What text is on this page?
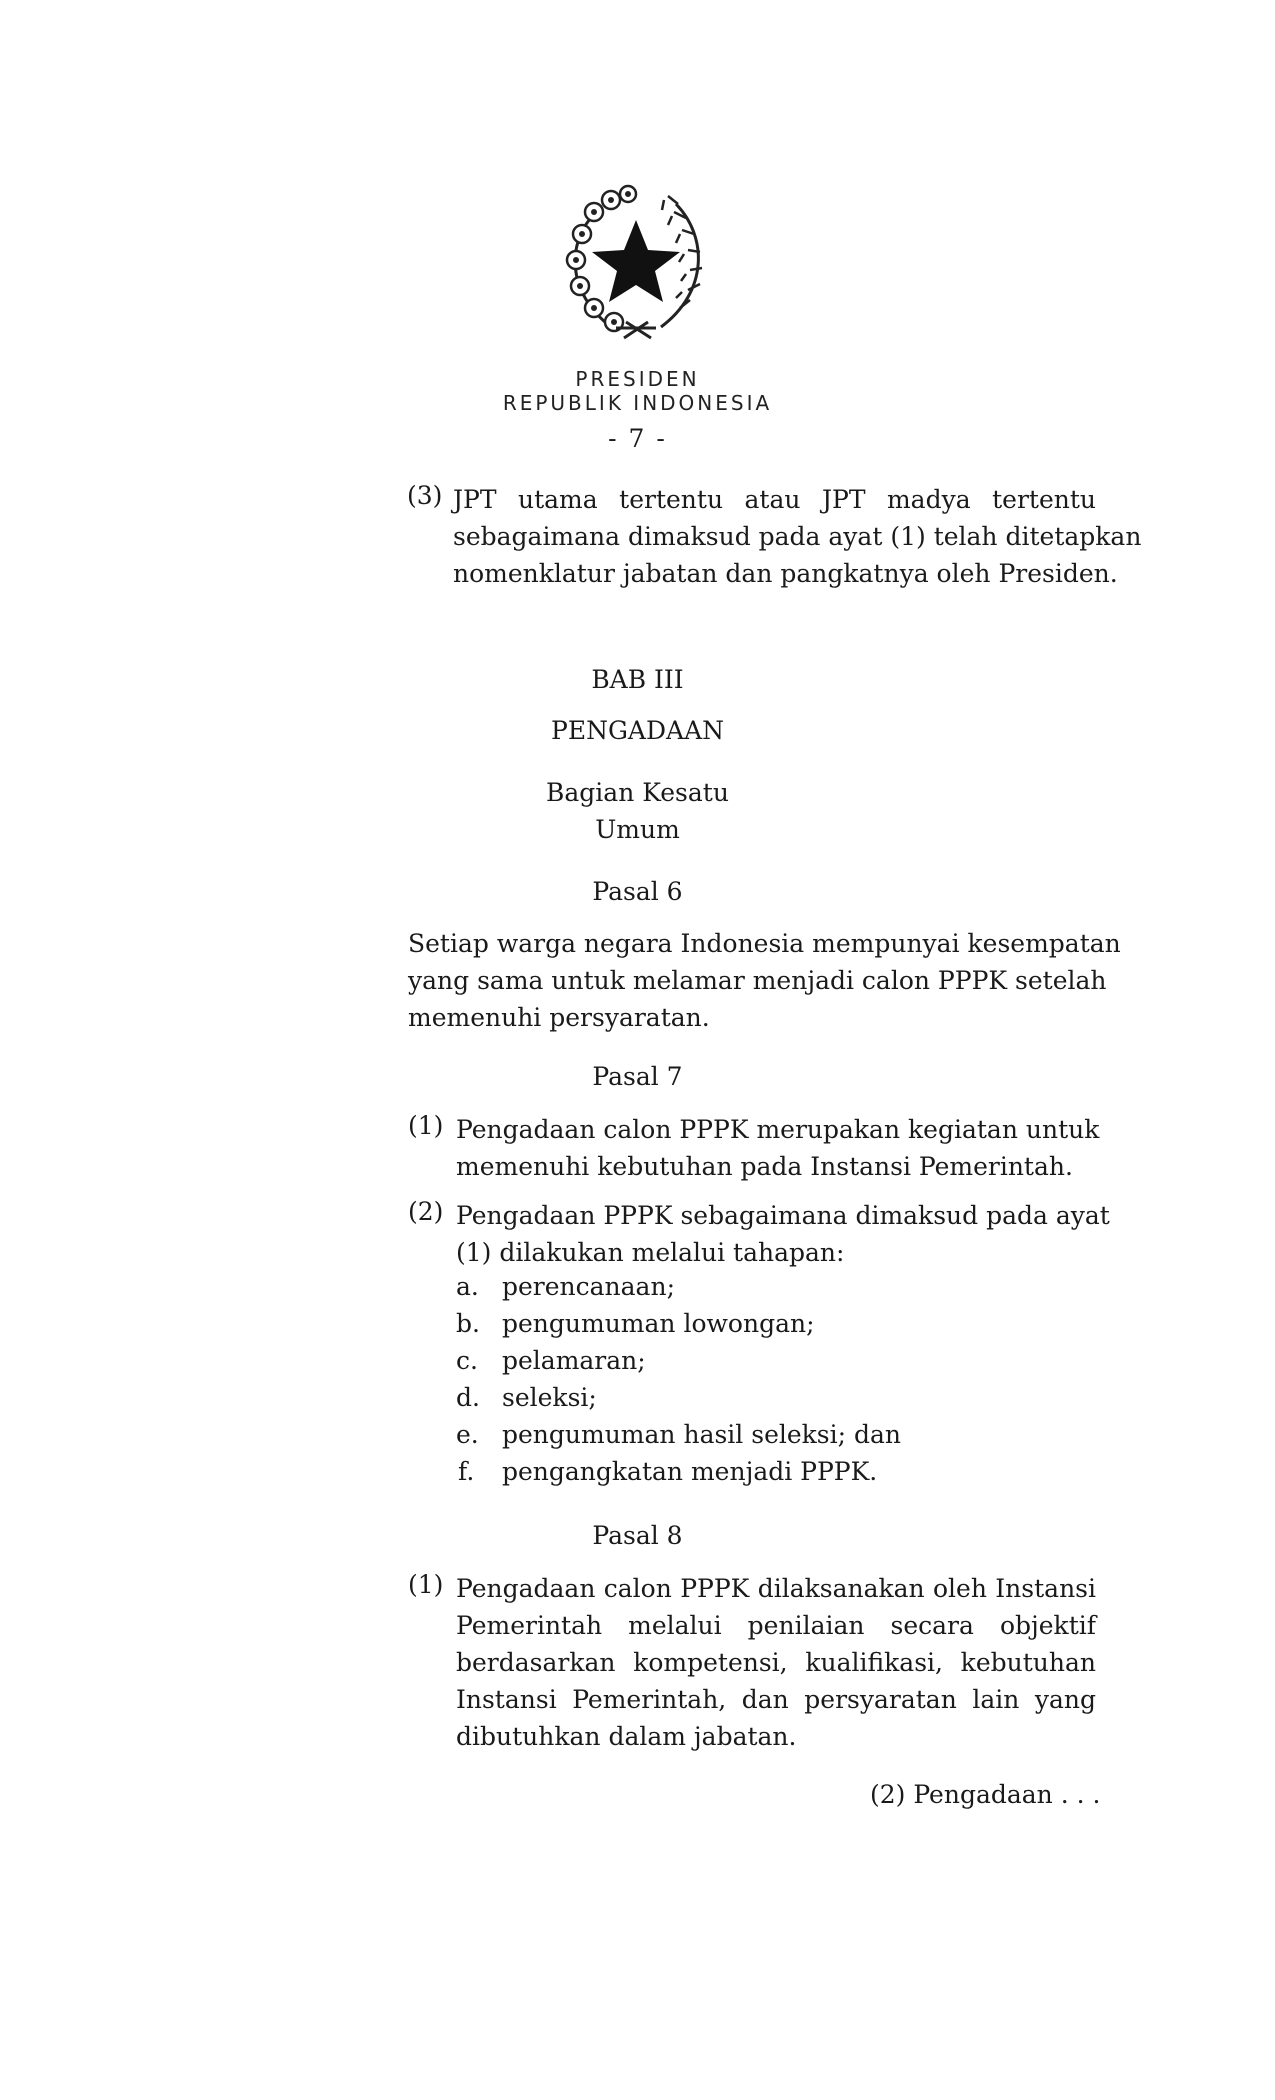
PRESIDEN
REPUBLIK INDONESIA
- 7 -
(3) JPT utama tertentu atau JPT madya tertentu
sebagaimana dimaksud pada ayat (1) telah ditetapkan
nomenklatur jabatan dan pangkatnya oleh Presiden.
BAB III
PENGADAAN
Bagian Kesatu
Umum
Pasal 6
Setiap warga negara Indonesia mempunyai kesempatan
yang sama untuk melamar menjadi calon PPPK setelah
memenuhi persyaratan.
Pasal 7
(1) Pengadaan calon PPPK merupakan kegiatan untuk
memenuhi kebutuhan pada Instansi Pemerintah.
(2) Pengadaan PPPK sebagaimana dimaksud pada ayat
(1) dilakukan melalui tahapan:
a. perencanaan;
b. pengumuman lowongan;
c. pelamaran;
d. seleksi;
e. pengumuman hasil seleksi; dan
f. pengangkatan menjadi PPPK.
Pasal 8
(1) Pengadaan calon PPPK dilaksanakan oleh Instansi
Pemerintah melalui penilaian secara objektif
berdasarkan kompetensi, kualifikasi, kebutuhan
Instansi Pemerintah, dan persyaratan lain yang
dibutuhkan dalam jabatan.
(2) Pengadaan . . .
